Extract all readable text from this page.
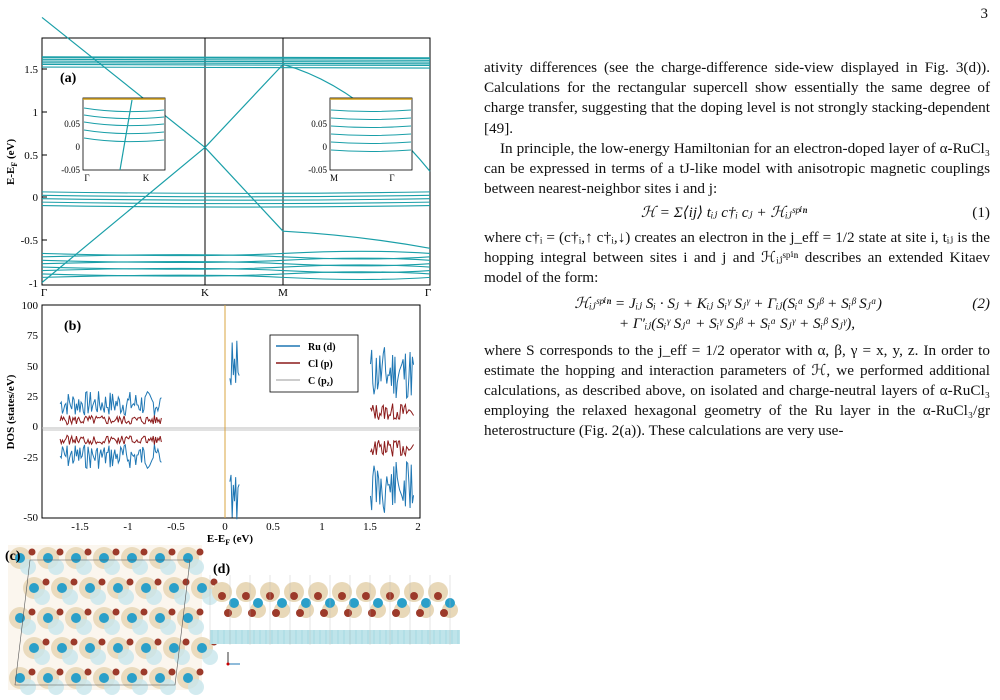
3
(a)
1.5
1
0.5
0
-0.5
-1
$E-E_F$ (eV)
Γ	K	M	Γ
0.05
0
-0.05
Γ	K
0.05
0
-0.05
M	Γ
(b)
100
75
50
25
0
-25
-50
-1.5	-1	-0.5	0	0.5	1	1.5	2
$E-E_F$ (eV)
DOS (states/eV)
Ru (d)
Cl (p)
C $(p_z)$
(c)
(d)

ativity differences (see the charge-difference side-view displayed in Fig. 3(d)). Calculations for the rectangular supercell show essentially the same degree of charge transfer, suggesting that the doping level is not strongly stacking-dependent [49].

In principle, the low-energy Hamiltonian for an electron-doped layer of α-RuCl₃ can be expressed in terms of a tJ-like model with anisotropic magnetic couplings between nearest-neighbor sites i and j:

ℋ = Σ⟨ij⟩ tᵢⱼ c†ᵢ cⱼ + ℋᵢⱼˢᵖⁱⁿ	(1)

where c†ᵢ = (c†ᵢ,↑ c†ᵢ,↓) creates an electron in the j_eff = 1/2 state at site i, tᵢⱼ is the hopping integral between sites i and j and ℋᵢⱼˢᵖⁱⁿ describes an extended Kitaev model of the form:

ℋᵢⱼˢᵖⁱⁿ = Jᵢⱼ Sᵢ · Sⱼ + Kᵢⱼ Sᵢᵞ Sⱼᵞ + Γᵢⱼ(Sᵢᵅ Sⱼᵝ + Sᵢᵝ Sⱼᵅ)	(2)
+ Γ′ᵢⱼ(Sᵢᵞ Sⱼᵅ + Sᵢᵞ Sⱼᵝ + Sᵢᵅ Sⱼᵞ + Sᵢᵝ Sⱼᵞ),

where S corresponds to the j_eff = 1/2 operator with α, β, γ = x, y, z. In order to estimate the hopping and interaction parameters of ℋ, we performed additional calculations, as described above, on isolated and charge-neutral layers of α-RuCl₃ employing the relaxed hexagonal geometry of the Ru layer in the α-RuCl₃/gr heterostructure (Fig. 2(a)). These calculations are very use-
